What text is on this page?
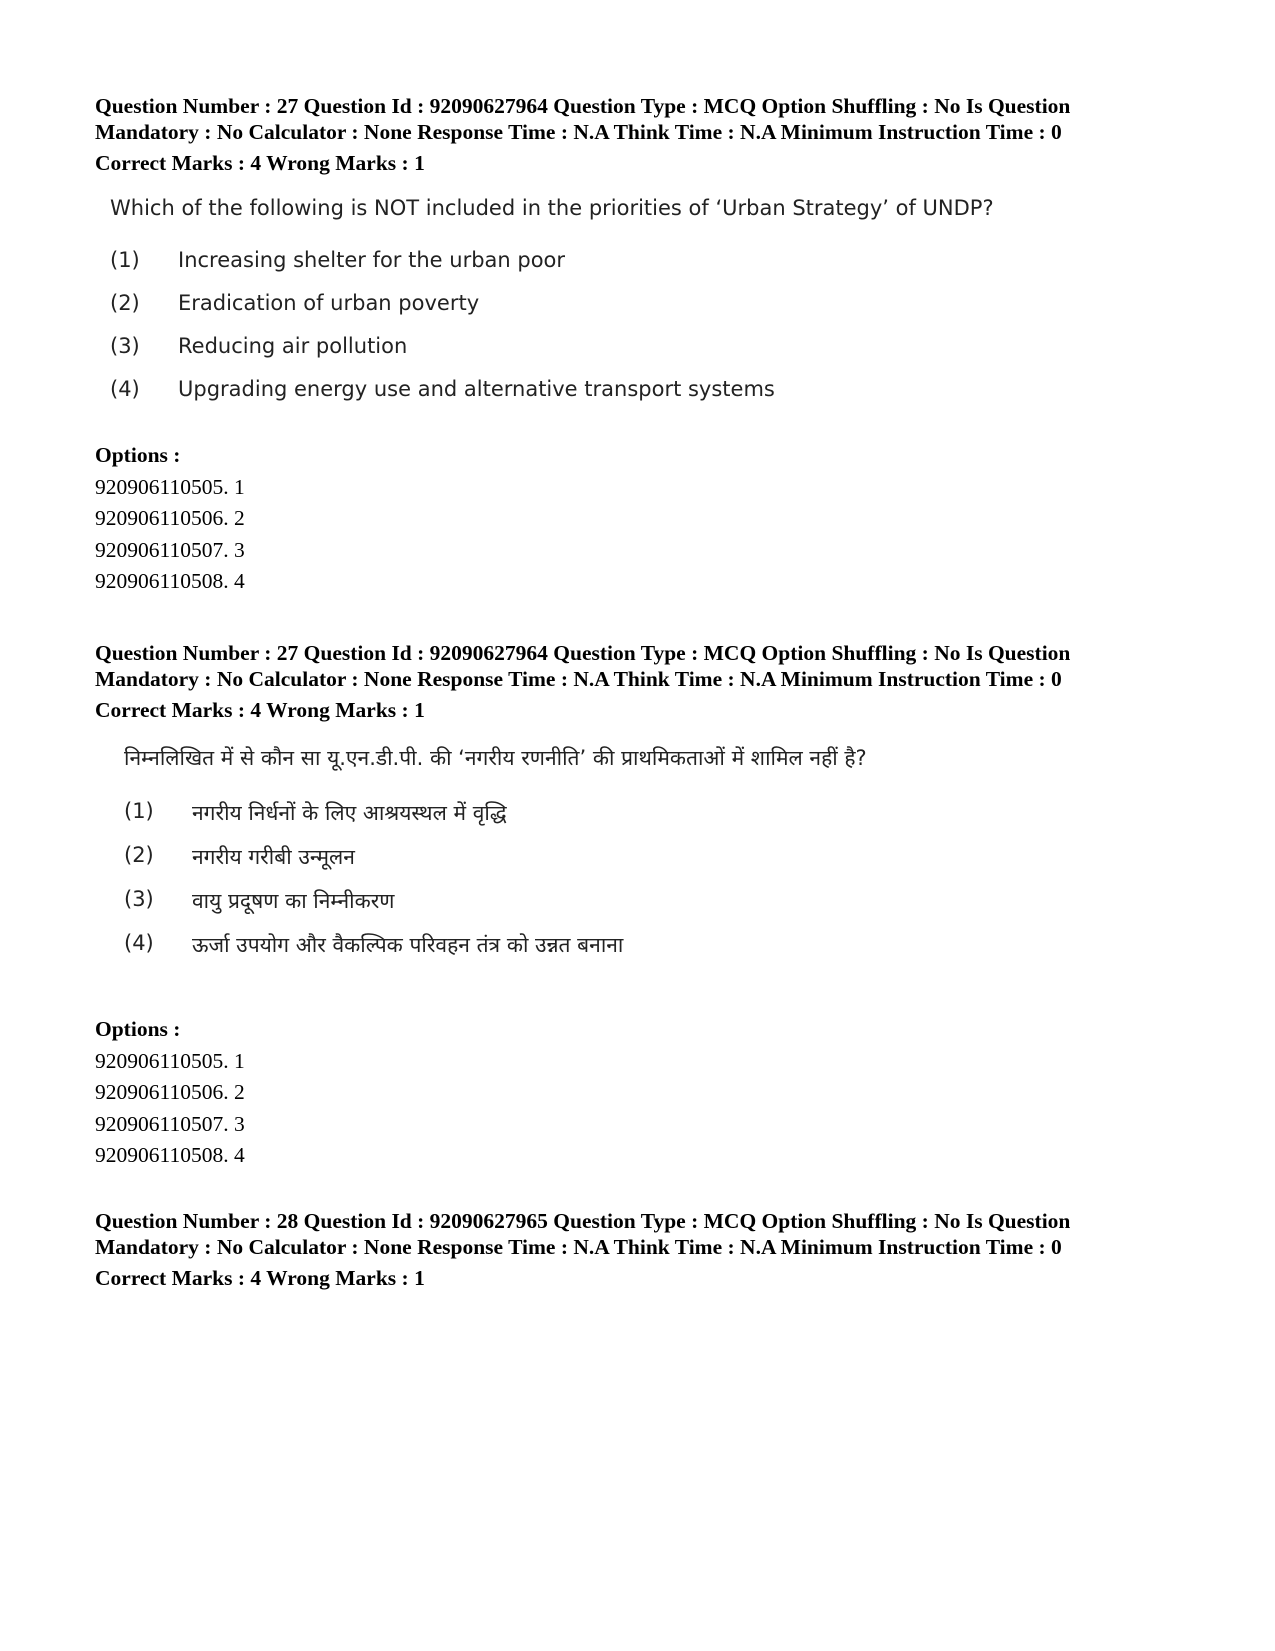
Question Number : 27 Question Id : 92090627964 Question Type : MCQ Option Shuffling : No Is Question
Mandatory : No Calculator : None Response Time : N.A Think Time : N.A Minimum Instruction Time : 0
Correct Marks : 4 Wrong Marks : 1
Which of the following is NOT included in the priorities of ‘Urban Strategy’ of UNDP?
(1) Increasing shelter for the urban poor
(2) Eradication of urban poverty
(3) Reducing air pollution
(4) Upgrading energy use and alternative transport systems
Options :
920906110505. 1
920906110506. 2
920906110507. 3
920906110508. 4
Question Number : 27 Question Id : 92090627964 Question Type : MCQ Option Shuffling : No Is Question
Mandatory : No Calculator : None Response Time : N.A Think Time : N.A Minimum Instruction Time : 0
Correct Marks : 4 Wrong Marks : 1
निम्नलिखित में से कौन सा यू.एन.डी.पी. की ‘नगरीय रणनीति’ की प्राथमिकताओं में शामिल नहीं है?
(1) नगरीय निर्धनों के लिए आश्रयस्थल में वृद्धि
(2) नगरीय गरीबी उन्मूलन
(3) वायु प्रदूषण का निम्नीकरण
(4) ऊर्जा उपयोग और वैकल्पिक परिवहन तंत्र को उन्नत बनाना
Options :
920906110505. 1
920906110506. 2
920906110507. 3
920906110508. 4
Question Number : 28 Question Id : 92090627965 Question Type : MCQ Option Shuffling : No Is Question
Mandatory : No Calculator : None Response Time : N.A Think Time : N.A Minimum Instruction Time : 0
Correct Marks : 4 Wrong Marks : 1
